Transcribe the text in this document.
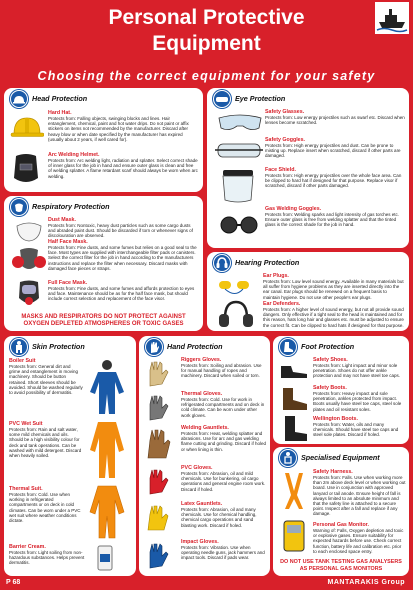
Personal Protective
Equipment
Choosing the correct equipment for your safety
Head Protection
Hard Hat.
Protects from: Falling objects, swinging blocks and lines. Hair entanglement, chemical, paint and hot water drips. Do not paint or affix stickers on items not recommended by the manufacturer. Discard after heavy blow or when date specified by the manufacturer has expired (usually about 2 years, if well cared for).
Arc Welding Helmet.
Protects from: Arc welding light, radiation and splatter. Select correct shade of inner glass for the job in hand and ensure outer glass is clean and free of welding splatter. A flame retardant scarf should always be worn when arc welding.
Eye Protection
Safety Glasses.
Protects from: Low energy projectiles such as swarf etc. Discard when lenses become scratched.
Safety Goggles.
Protects from: High energy projectiles and dust. Can be prone to misting up. Replace insert when scratched, discard if other parts are damaged.
Face Shield.
Protects from: High energy projectiles over the whole face area. Can be clipped to hard hat if designed for that purpose. Replace visor if scratched, discard if other parts damaged.
Gas Welding Goggles.
Protects from: Welding sparks and light intensity of gas torches etc. Ensure outer glass is free from welding splatter and that the tinted glass is the correct shade for the job in hand.
Respiratory Protection
Dust Mask.
Protects from: Nontoxic, heavy dust particles such as some cargo dusts and abraded paint dust. Should be discarded if torn or whenever signs of discolouration are observed.
Half Face Mask.
Protects from: Fine dusts, and some fumes but relies on a good seal to the face. Most types are supplied with interchangeable filter pads or canisters. Select the correct filter for the job in hand according to the manufacturers instructions and replace the filter when necessary. Discard masks with damaged face pieces or straps.
Full Face Mask.
Protects from: Fine dusts, and some fumes and affords protection to eyes and face. Maintenance should be as for the half face mask, but should include correct selection and replacement of the face visor.
MASKS AND RESPIRATORS DO NOT PROTECT AGAINST OXYGEN DEPLETED ATMOSPHERES OR TOXIC GASES
Hearing Protection
Ear Plugs.
Protects from: Low level sound energy. Available in many materials but all suffer from hygiene problems as they are inserted directly into the ear canal. Ear plugs should be renewed on a frequent basis to maintain hygiene. Do not use other people's ear plugs.
Ear Defenders.
Protects from: A higher level of sound energy, but not all provide sound dangers. Only effective if a tight seal to the head is maintained and for this reason, hats long hair and glasses etc. must be adjusted to ensure the correct fit. Can be clipped to hard hats if designed for that purpose.
Skin Protection
Boiler Suit
Protects from: General dirt and grime and entanglement in moving machinery. Should be button retained. Short sleeves should be avoided. Should be washed regularly to avoid possibility of dermatitis.
PVC Wet Suit
Protects from: Rain and salt water, some mild chemicals and oils. Should be a high visibility colour for deck and tank operations. Can be washed with mild detergent. Discard when heavily soiled.
Thermal Suit.
Protects from: Cold. Use when working in refrigerated compartments or on deck in cold climates. Can be worn under a PVC wet suit where weather conditions dictate.
Barrier Cream.
Protects from: Light soiling from non-hazardous substances. Helps prevent dermatitis.
Hand Protection
Riggers Gloves.
Protects from: Soiling and abrasion. Use for manual handling of ropes and machinery. Discard when soiled or torn.
Thermal Gloves.
Protects from: Cold. Use for work in refrigerated compartments and on deck in cold climate. Can be worn under other work gloves.
Welding Gauntlets.
Protects from: Heat, welding splatter and abrasions. Use for arc and gas welding flame cutting and grinding. Discard if holed or when lining is thin.
PVC Gloves.
Protects from: Abrasion, oil and mild chemicals. Use for bunkering, oil cargo operations and general engine room work. Discard if holed.
Latex Gauntlets.
Protects from: Abrasion, oil and many chemicals. Use for chemical handling, chemical cargo operations and sand blasting work. Discard if holed.
Impact Gloves.
Protects from: Vibration. Use when operating needle guns, jack hammers and impact tools. Discard if pads wear.
Foot Protection
Safety Shoes.
Protects from: Light impact and minor sole penetration. Shoes do not offer ankle protection and may not have steel toe caps.
Safety Boots.
Protects from: Heavy impact and sole penetration, ankles protected from impact. Boots usually have steel toe caps, steel sole plates and oil resistant soles.
Wellington Boots.
Protects from: Water, oils and many chemicals. Should have steel toe caps and steel sole plates. Discard if holed.
Specialised Equipment
Safety Harness.
Protects from: Falls. Use when working more than 2m above deck level or when working out board. Use in conjunction with approved lanyard or tail anode. Ensure height of fall is always limited to an absolute minimum and that the safety line is attached to a secure point. Inspect after a fall and replace if any damage.
Personal Gas Monitor.
Warning of: Falls, Oxygen depletion and toxic or explosive gases. Ensure suitability for expected hazards before use. Check correct function, battery life and calibration etc. prior to each enclosed space entry.
DO NOT USE TANK TESTING GAS ANALYSERS AS PERSONAL GAS MONITORS
P 68	MANTARAKIS Group
